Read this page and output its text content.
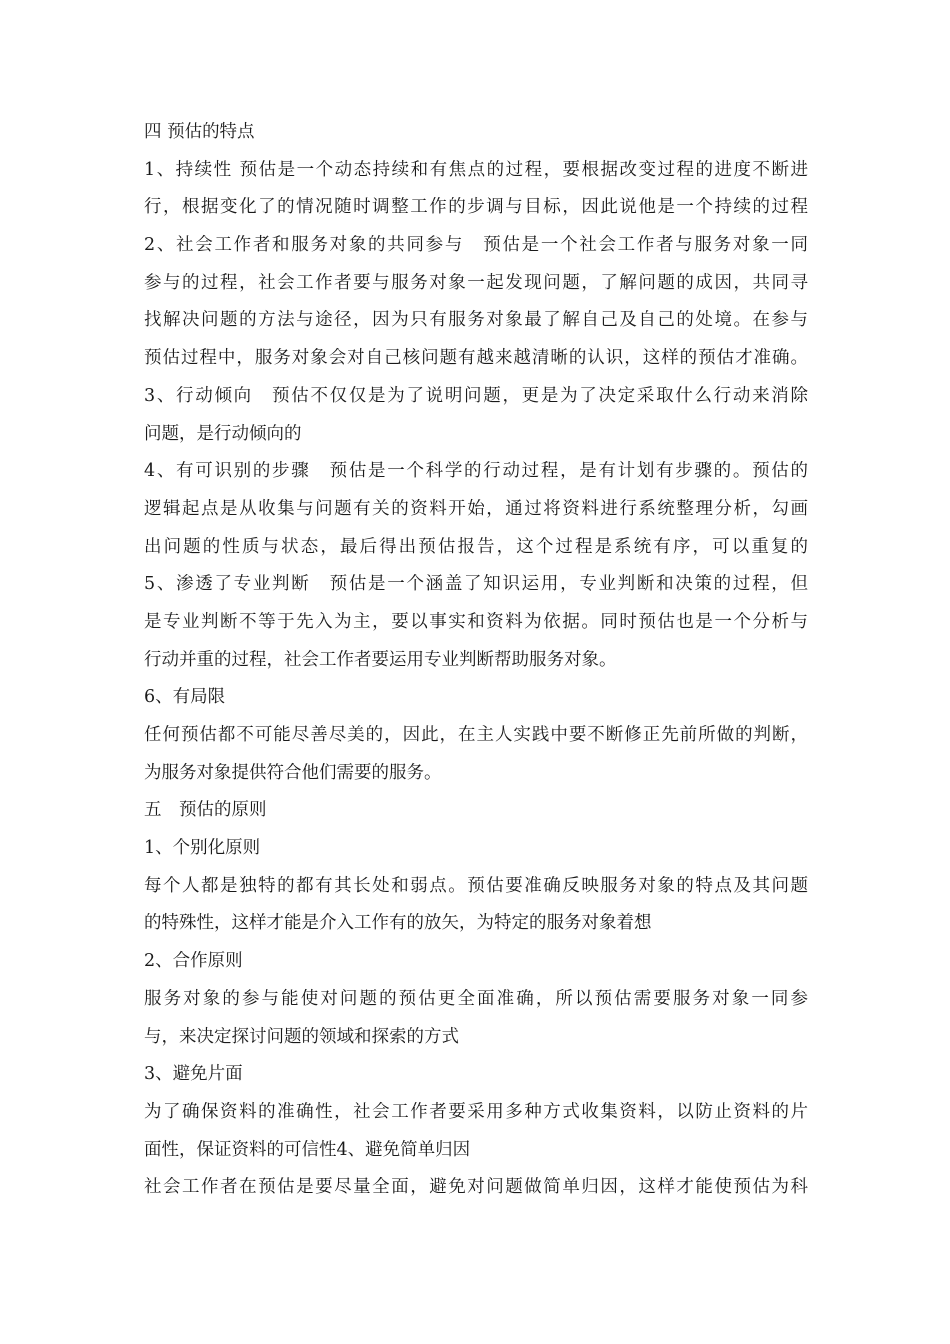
四 预估的特点
1、持续性 预估是一个动态持续和有焦点的过程，要根据改变过程的进度不断进
行，根据变化了的情况随时调整工作的步调与目标，因此说他是一个持续的过程
2、社会工作者和服务对象的共同参与　预估是一个社会工作者与服务对象一同
参与的过程，社会工作者要与服务对象一起发现问题，了解问题的成因，共同寻
找解决问题的方法与途径，因为只有服务对象最了解自己及自己的处境。在参与
预估过程中，服务对象会对自己核问题有越来越清晰的认识，这样的预估才准确。
3、行动倾向　预估不仅仅是为了说明问题，更是为了决定采取什么行动来消除
问题，是行动倾向的
4、有可识别的步骤　预估是一个科学的行动过程，是有计划有步骤的。预估的
逻辑起点是从收集与问题有关的资料开始，通过将资料进行系统整理分析，勾画
出问题的性质与状态，最后得出预估报告，这个过程是系统有序，可以重复的
5、渗透了专业判断　预估是一个涵盖了知识运用，专业判断和决策的过程，但
是专业判断不等于先入为主，要以事实和资料为依据。同时预估也是一个分析与
行动并重的过程，社会工作者要运用专业判断帮助服务对象。
6、有局限
任何预估都不可能尽善尽美的，因此，在主人实践中要不断修正先前所做的判断，
为服务对象提供符合他们需要的服务。
五　预估的原则
1、个别化原则
每个人都是独特的都有其长处和弱点。预估要准确反映服务对象的特点及其问题
的特殊性，这样才能是介入工作有的放矢，为特定的服务对象着想
2、合作原则
服务对象的参与能使对问题的预估更全面准确，所以预估需要服务对象一同参
与，来决定探讨问题的领域和探索的方式
3、避免片面
为了确保资料的准确性，社会工作者要采用多种方式收集资料，以防止资料的片
面性，保证资料的可信性4、避免简单归因
社会工作者在预估是要尽量全面，避免对问题做简单归因，这样才能使预估为科
